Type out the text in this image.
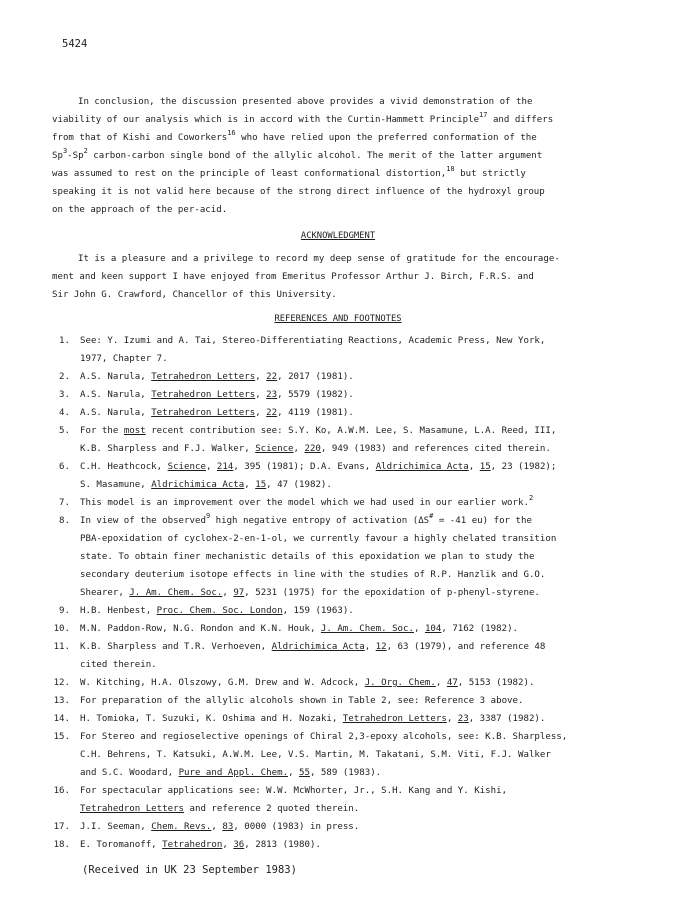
5424
In conclusion, the discussion presented above provides a vivid demonstration of the
viability of our analysis which is in accord with the Curtin-Hammett Principle$^{17}$ and differs
from that of Kishi and Coworkers$^{16}$ who have relied upon the preferred conformation of the
Sp$^3$-Sp$^2$ carbon-carbon single bond of the allylic alcohol. The merit of the latter argument
was assumed to rest on the principle of least conformational distortion,$^{18}$ but strictly
speaking it is not valid here because of the strong direct influence of the hydroxyl group
on the approach of the per-acid.
ACKNOWLEDGMENT
It is a pleasure and a privilege to record my deep sense of gratitude for the encourage-
ment and keen support I have enjoyed from Emeritus Professor Arthur J. Birch, F.R.S. and
Sir John G. Crawford, Chancellor of this University.
REFERENCES AND FOOTNOTES
1. See: Y. Izumi and A. Tai, Stereo-Differentiating Reactions, Academic Press, New York,
1977, Chapter 7.
2. A.S. Narula, Tetrahedron Letters, 22, 2017 (1981).
3. A.S. Narula, Tetrahedron Letters, 23, 5579 (1982).
4. A.S. Narula, Tetrahedron Letters, 22, 4119 (1981).
5. For the most recent contribution see: S.Y. Ko, A.W.M. Lee, S. Masamune, L.A. Reed, III,
K.B. Sharpless and F.J. Walker, Science, 220, 949 (1983) and references cited therein.
6. C.H. Heathcock, Science, 214, 395 (1981); D.A. Evans, Aldrichimica Acta, 15, 23 (1982);
S. Masamune, Aldrichimica Acta, 15, 47 (1982).
7. This model is an improvement over the model which we had used in our earlier work.$^2$
8. In view of the observed$^9$ high negative entropy of activation (ΔS# = -41 eu) for the
PBA-epoxidation of cyclohex-2-en-1-ol, we currently favour a highly chelated transition
state. To obtain finer mechanistic details of this epoxidation we plan to study the
secondary deuterium isotope effects in line with the studies of R.P. Hanzlik and G.O.
Shearer, J. Am. Chem. Soc., 97, 5231 (1975) for the epoxidation of p-phenyl-styrene.
9. H.B. Henbest, Proc. Chem. Soc. London, 159 (1963).
10. M.N. Paddon-Row, N.G. Rondon and K.N. Houk, J. Am. Chem. Soc., 104, 7162 (1982).
11. K.B. Sharpless and T.R. Verhoeven, Aldrichimica Acta, 12, 63 (1979), and reference 48
cited therein.
12. W. Kitching, H.A. Olszowy, G.M. Drew and W. Adcock, J. Org. Chem., 47, 5153 (1982).
13. For preparation of the allylic alcohols shown in Table 2, see: Reference 3 above.
14. H. Tomioka, T. Suzuki, K. Oshima and H. Nozaki, Tetrahedron Letters, 23, 3387 (1982).
15. For Stereo and regioselective openings of Chiral 2,3-epoxy alcohols, see: K.B. Sharpless,
C.H. Behrens, T. Katsuki, A.W.M. Lee, V.S. Martin, M. Takatani, S.M. Viti, F.J. Walker
and S.C. Woodard, Pure and Appl. Chem., 55, 589 (1983).
16. For spectacular applications see: W.W. McWhorter, Jr., S.H. Kang and Y. Kishi,
Tetrahedron Letters and reference 2 quoted therein.
17. J.I. Seeman, Chem. Revs., 83, 0000 (1983) in press.
18. E. Toromanoff, Tetrahedron, 36, 2813 (1980).
(Received in UK 23 September 1983)
